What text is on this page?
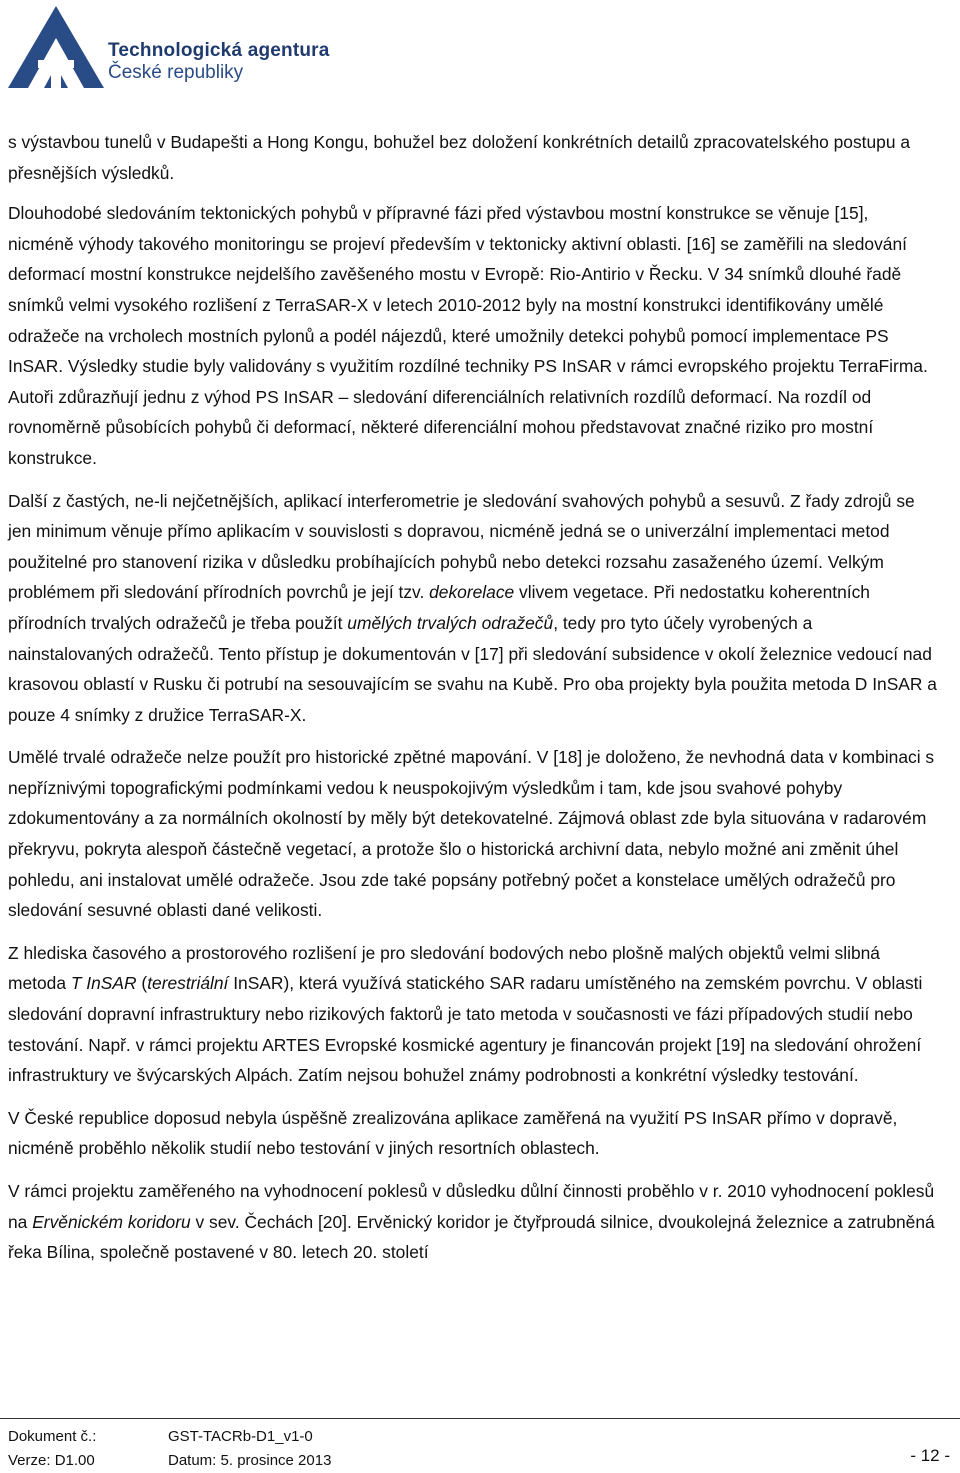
Technologická agentura
České republiky

s výstavbou tunelů v Budapešti a Hong Kongu, bohužel bez doložení konkrétních detailů zpracovatelského postupu a přesnějších výsledků.

Dlouhodobé sledováním tektonických pohybů v přípravné fázi před výstavbou mostní konstrukce se věnuje [15], nicméně výhody takového monitoringu se projeví především v tektonicky aktivní oblasti. [16] se zaměřili na sledování deformací mostní konstrukce nejdelšího zavěšeného mostu v Evropě: Rio-Antirio v Řecku. V 34 snímků dlouhé řadě snímků velmi vysokého rozlišení z TerraSAR-X v letech 2010-2012 byly na mostní konstrukci identifikovány umělé odražeče na vrcholech mostních pylonů a podél nájezdů, které umožnily detekci pohybů pomocí implementace PS InSAR. Výsledky studie byly validovány s využitím rozdílné techniky PS InSAR v rámci evropského projektu TerraFirma. Autoři zdůrazňují jednu z výhod PS InSAR – sledování diferenciálních relativních rozdílů deformací. Na rozdíl od rovnoměrně působících pohybů či deformací, některé diferenciální mohou představovat značné riziko pro mostní konstrukce.

Další z častých, ne-li nejčetnějších, aplikací interferometrie je sledování svahových pohybů a sesuvů. Z řady zdrojů se jen minimum věnuje přímo aplikacím v souvislosti s dopravou, nicméně jedná se o univerzální implementaci metod použitelné pro stanovení rizika v důsledku probíhajících pohybů nebo detekci rozsahu zasaženého území. Velkým problémem při sledování přírodních povrchů je její tzv. dekorelace vlivem vegetace. Při nedostatku koherentních přírodních trvalých odražečů je třeba použít umělých trvalých odražečů, tedy pro tyto účely vyrobených a nainstalovaných odražečů. Tento přístup je dokumentován v [17] při sledování subsidence v okolí železnice vedoucí nad krasovou oblastí v Rusku či potrubí na sesouvajícím se svahu na Kubě. Pro oba projekty byla použita metoda D InSAR a pouze 4 snímky z družice TerraSAR-X.

Umělé trvalé odražeče nelze použít pro historické zpětné mapování. V [18] je doloženo, že nevhodná data v kombinaci s nepříznivými topografickými podmínkami vedou k neuspokojivým výsledkům i tam, kde jsou svahové pohyby zdokumentovány a za normálních okolností by měly být detekovatelné. Zájmová oblast zde byla situována v radarovém překryvu, pokryta alespoň částečně vegetací, a protože šlo o historická archivní data, nebylo možné ani změnit úhel pohledu, ani instalovat umělé odražeče. Jsou zde také popsány potřebný počet a konstelace umělých odražečů pro sledování sesuvné oblasti dané velikosti.

Z hlediska časového a prostorového rozlišení je pro sledování bodových nebo plošně malých objektů velmi slibná metoda T InSAR (terestriální InSAR), která využívá statického SAR radaru umístěného na zemském povrchu. V oblasti sledování dopravní infrastruktury nebo rizikových faktorů je tato metoda v současnosti ve fázi případových studií nebo testování. Např. v rámci projektu ARTES Evropské kosmické agentury je financován projekt [19] na sledování ohrožení infrastruktury ve švýcarských Alpách. Zatím nejsou bohužel známy podrobnosti a konkrétní výsledky testování.

V České republice doposud nebyla úspěšně zrealizována aplikace zaměřená na využití PS InSAR přímo v dopravě, nicméně proběhlo několik studií nebo testování v jiných resortních oblastech.

V rámci projektu zaměřeného na vyhodnocení poklesů v důsledku důlní činnosti proběhlo v r. 2010 vyhodnocení poklesů na Ervěnickém koridoru v sev. Čechách [20]. Ervěnický koridor je čtyřproudá silnice, dvoukolejná železnice a zatrubněná řeka Bílina, společně postavené v 80. letech 20. století

Dokument č.:	GST-TACRb-D1_v1-0
Verze: D1.00	Datum: 5. prosince 2013	- 12 -
